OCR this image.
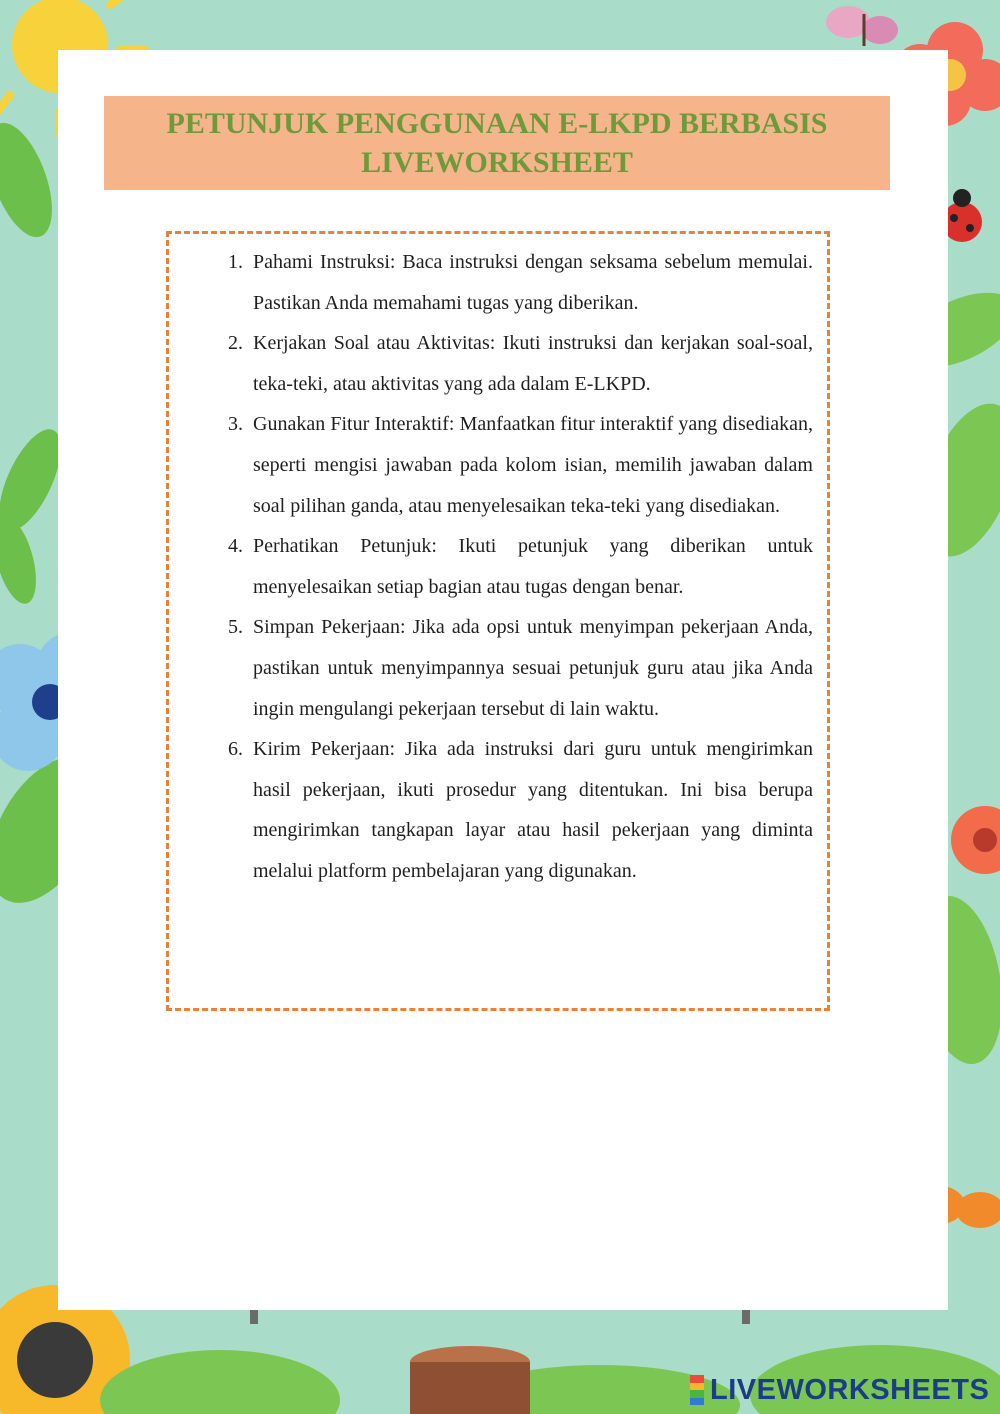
PETUNJUK PENGGUNAAN E-LKPD BERBASIS LIVEWORKSHEET
1. Pahami Instruksi: Baca instruksi dengan seksama sebelum memulai. Pastikan Anda memahami tugas yang diberikan.
2. Kerjakan Soal atau Aktivitas: Ikuti instruksi dan kerjakan soal-soal, teka-teki, atau aktivitas yang ada dalam E-LKPD.
3. Gunakan Fitur Interaktif: Manfaatkan fitur interaktif yang disediakan, seperti mengisi jawaban pada kolom isian, memilih jawaban dalam soal pilihan ganda, atau menyelesaikan teka-teki yang disediakan.
4. Perhatikan Petunjuk: Ikuti petunjuk yang diberikan untuk menyelesaikan setiap bagian atau tugas dengan benar.
5. Simpan Pekerjaan: Jika ada opsi untuk menyimpan pekerjaan Anda, pastikan untuk menyimpannya sesuai petunjuk guru atau jika Anda ingin mengulangi pekerjaan tersebut di lain waktu.
6. Kirim Pekerjaan: Jika ada instruksi dari guru untuk mengirimkan hasil pekerjaan, ikuti prosedur yang ditentukan. Ini bisa berupa mengirimkan tangkapan layar atau hasil pekerjaan yang diminta melalui platform pembelajaran yang digunakan.
LIVEWORKSHEETS
